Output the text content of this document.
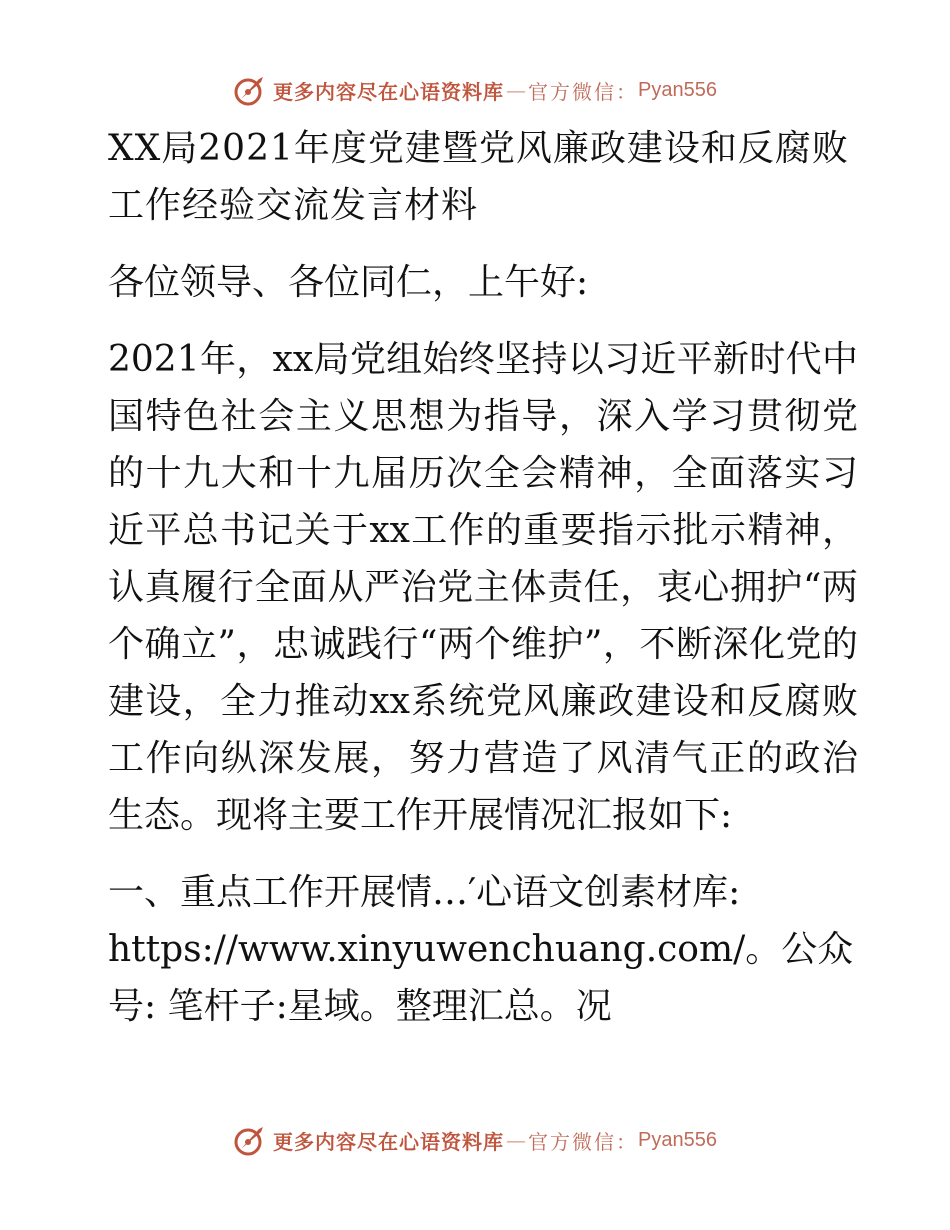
更多内容尽在心语资料库 — 官方微信： Pyan556

XX局2021年度党建暨党风廉政建设和反腐败工作经验交流发言材料

各位领导、各位同仁，上午好:

2021年，xx局党组始终坚持以习近平新时代中国特色社会主义思想为指导，深入学习贯彻党的十九大和十九届历次全会精神，全面落实习近平总书记关于xx工作的重要指示批示精神，认真履行全面从严治党主体责任，衷心拥护“两个确立”，忠诚践行“两个维护”，不断深化党的建设，全力推动xx系统党风廉政建设和反腐败工作向纵深发展，努力营造了风清气正的政治生态。现将主要工作开展情况汇报如下:

一、重点工作开展情…′心语文创素材库: https://www.xinyuwenchuang.com/。公众号: 笔杆子:星域。整理汇总。况

更多内容尽在心语资料库 — 官方微信： Pyan556
